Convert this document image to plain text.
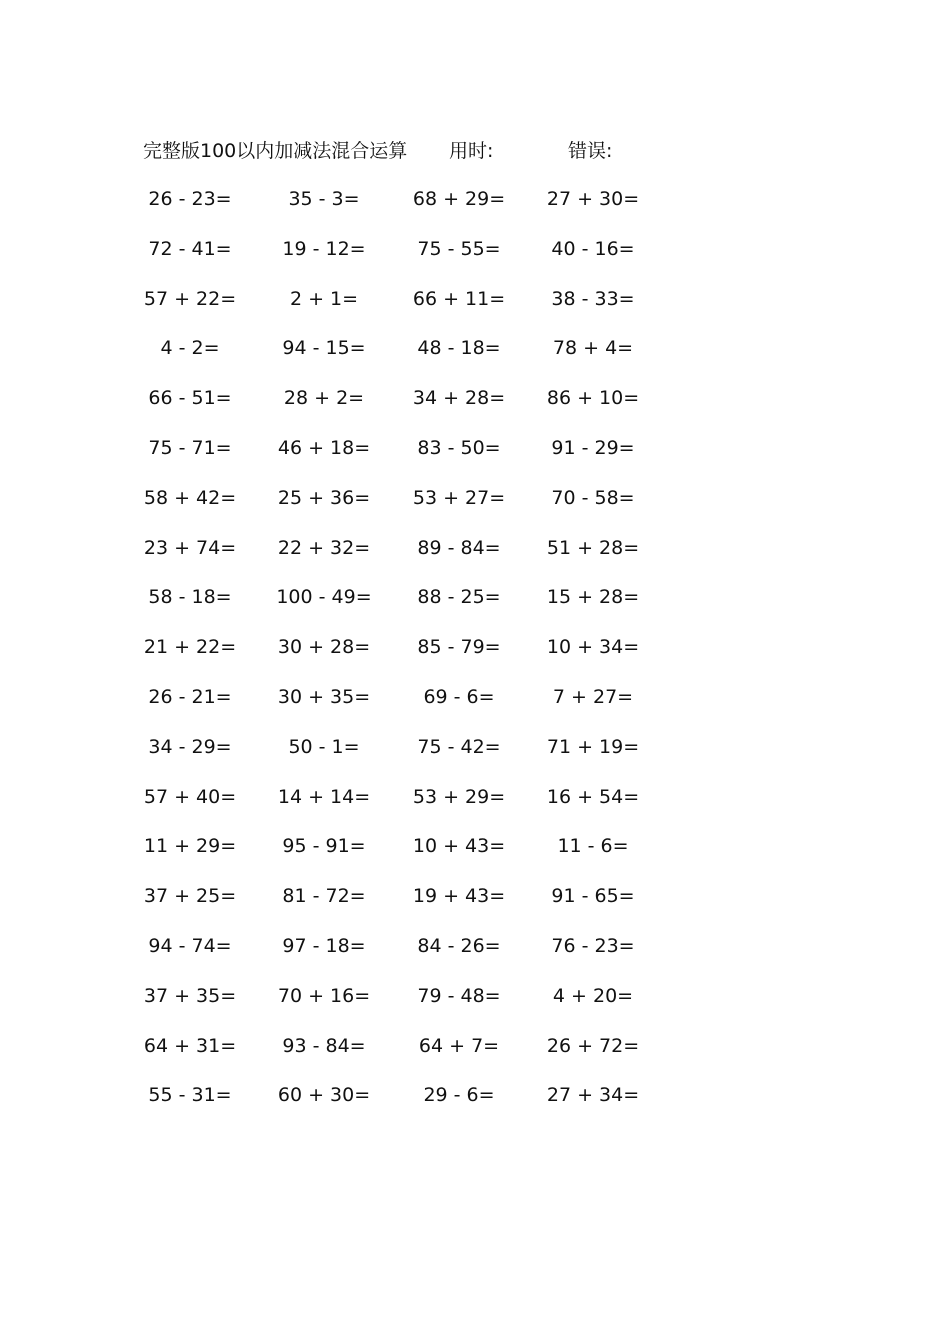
完整版100以内加减法混合运算 用时:	错误:
26 - 23=	35 - 3=	68 + 29=	27 + 30=
72 - 41=	19 - 12=	75 - 55=	40 - 16=
57 + 22=	2 + 1=	66 + 11=	38 - 33=
4 - 2=	94 - 15=	48 - 18=	78 + 4=
66 - 51=	28 + 2=	34 + 28=	86 + 10=
75 - 71=	46 + 18=	83 - 50=	91 - 29=
58 + 42=	25 + 36=	53 + 27=	70 - 58=
23 + 74=	22 + 32=	89 - 84=	51 + 28=
58 - 18=	100 - 49=	88 - 25=	15 + 28=
21 + 22=	30 + 28=	85 - 79=	10 + 34=
26 - 21=	30 + 35=	69 - 6=	7 + 27=
34 - 29=	50 - 1=	75 - 42=	71 + 19=
57 + 40=	14 + 14=	53 + 29=	16 + 54=
11 + 29=	95 - 91=	10 + 43=	11 - 6=
37 + 25=	81 - 72=	19 + 43=	91 - 65=
94 - 74=	97 - 18=	84 - 26=	76 - 23=
37 + 35=	70 + 16=	79 - 48=	4 + 20=
64 + 31=	93 - 84=	64 + 7=	26 + 72=
55 - 31=	60 + 30=	29 - 6=	27 + 34=
